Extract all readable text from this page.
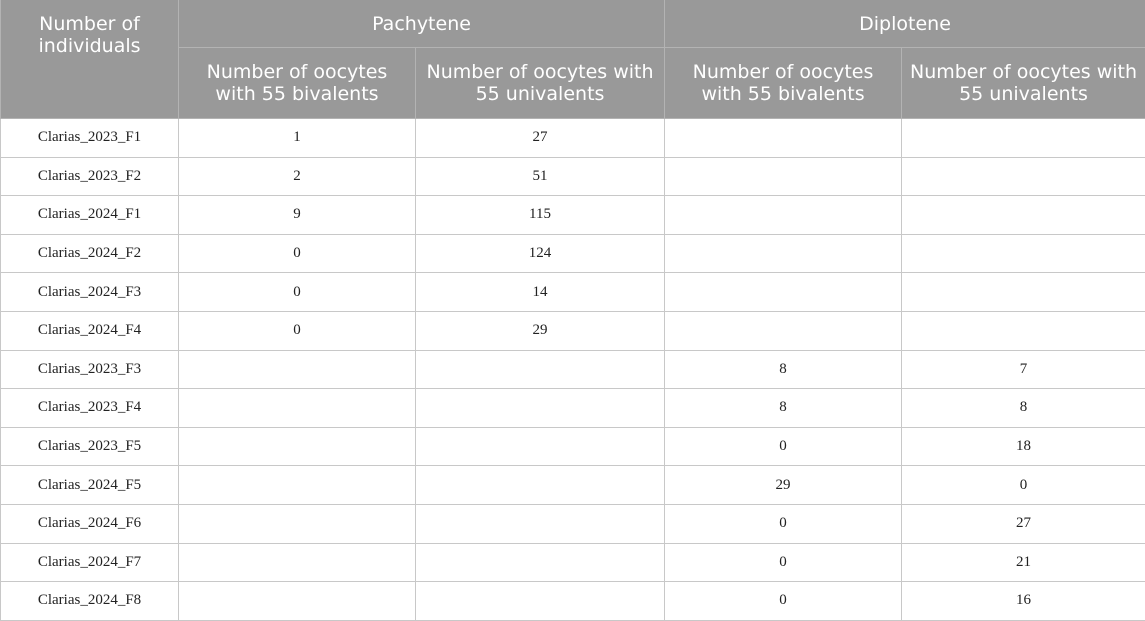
Number of individuals	Pachytene		Diplotene	
	Number of oocytes with 55 bivalents	Number of oocytes with 55 univalents	Number of oocytes with 55 bivalents	Number of oocytes with 55 univalents
Clarias_2023_F1	1	27		
Clarias_2023_F2	2	51		
Clarias_2024_F1	9	115		
Clarias_2024_F2	0	124		
Clarias_2024_F3	0	14		
Clarias_2024_F4	0	29		
Clarias_2023_F3			8	7
Clarias_2023_F4			8	8
Clarias_2023_F5			0	18
Clarias_2024_F5			29	0
Clarias_2024_F6			0	27
Clarias_2024_F7			0	21
Clarias_2024_F8			0	16
